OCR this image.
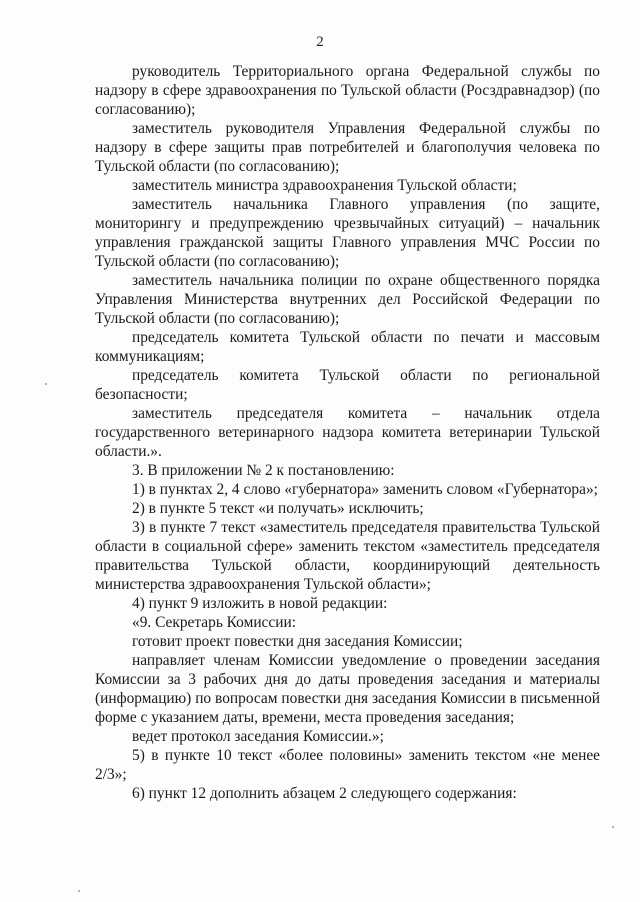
2

руководитель Территориального органа Федеральной службы по надзору в сфере здравоохранения по Тульской области (Росздравнадзор) (по согласованию);

заместитель руководителя Управления Федеральной службы по надзору в сфере защиты прав потребителей и благополучия человека по Тульской области (по согласованию);

заместитель министра здравоохранения Тульской области;

заместитель начальника Главного управления (по защите, мониторингу и предупреждению чрезвычайных ситуаций) – начальник управления гражданской защиты Главного управления МЧС России по Тульской области (по согласованию);

заместитель начальника полиции по охране общественного порядка Управления Министерства внутренних дел Российской Федерации по Тульской области (по согласованию);

председатель комитета Тульской области по печати и массовым коммуникациям;

председатель комитета Тульской области по региональной безопасности;

заместитель председателя комитета – начальник отдела государственного ветеринарного надзора комитета ветеринарии Тульской области.».

3. В приложении № 2 к постановлению:

1) в пунктах 2, 4 слово «губернатора» заменить словом «Губернатора»;

2) в пункте 5 текст «и получать» исключить;

3) в пункте 7 текст «заместитель председателя правительства Тульской области в социальной сфере» заменить текстом «заместитель председателя правительства Тульской области, координирующий деятельность министерства здравоохранения Тульской области»;

4) пункт 9 изложить в новой редакции:

«9. Секретарь Комиссии:

готовит проект повестки дня заседания Комиссии;

направляет членам Комиссии уведомление о проведении заседания Комиссии за 3 рабочих дня до даты проведения заседания и материалы (информацию) по вопросам повестки дня заседания Комиссии в письменной форме с указанием даты, времени, места проведения заседания;

ведет протокол заседания Комиссии.»;

5) в пункте 10 текст «более половины» заменить текстом «не менее 2/3»;

6) пункт 12 дополнить абзацем 2 следующего содержания:
